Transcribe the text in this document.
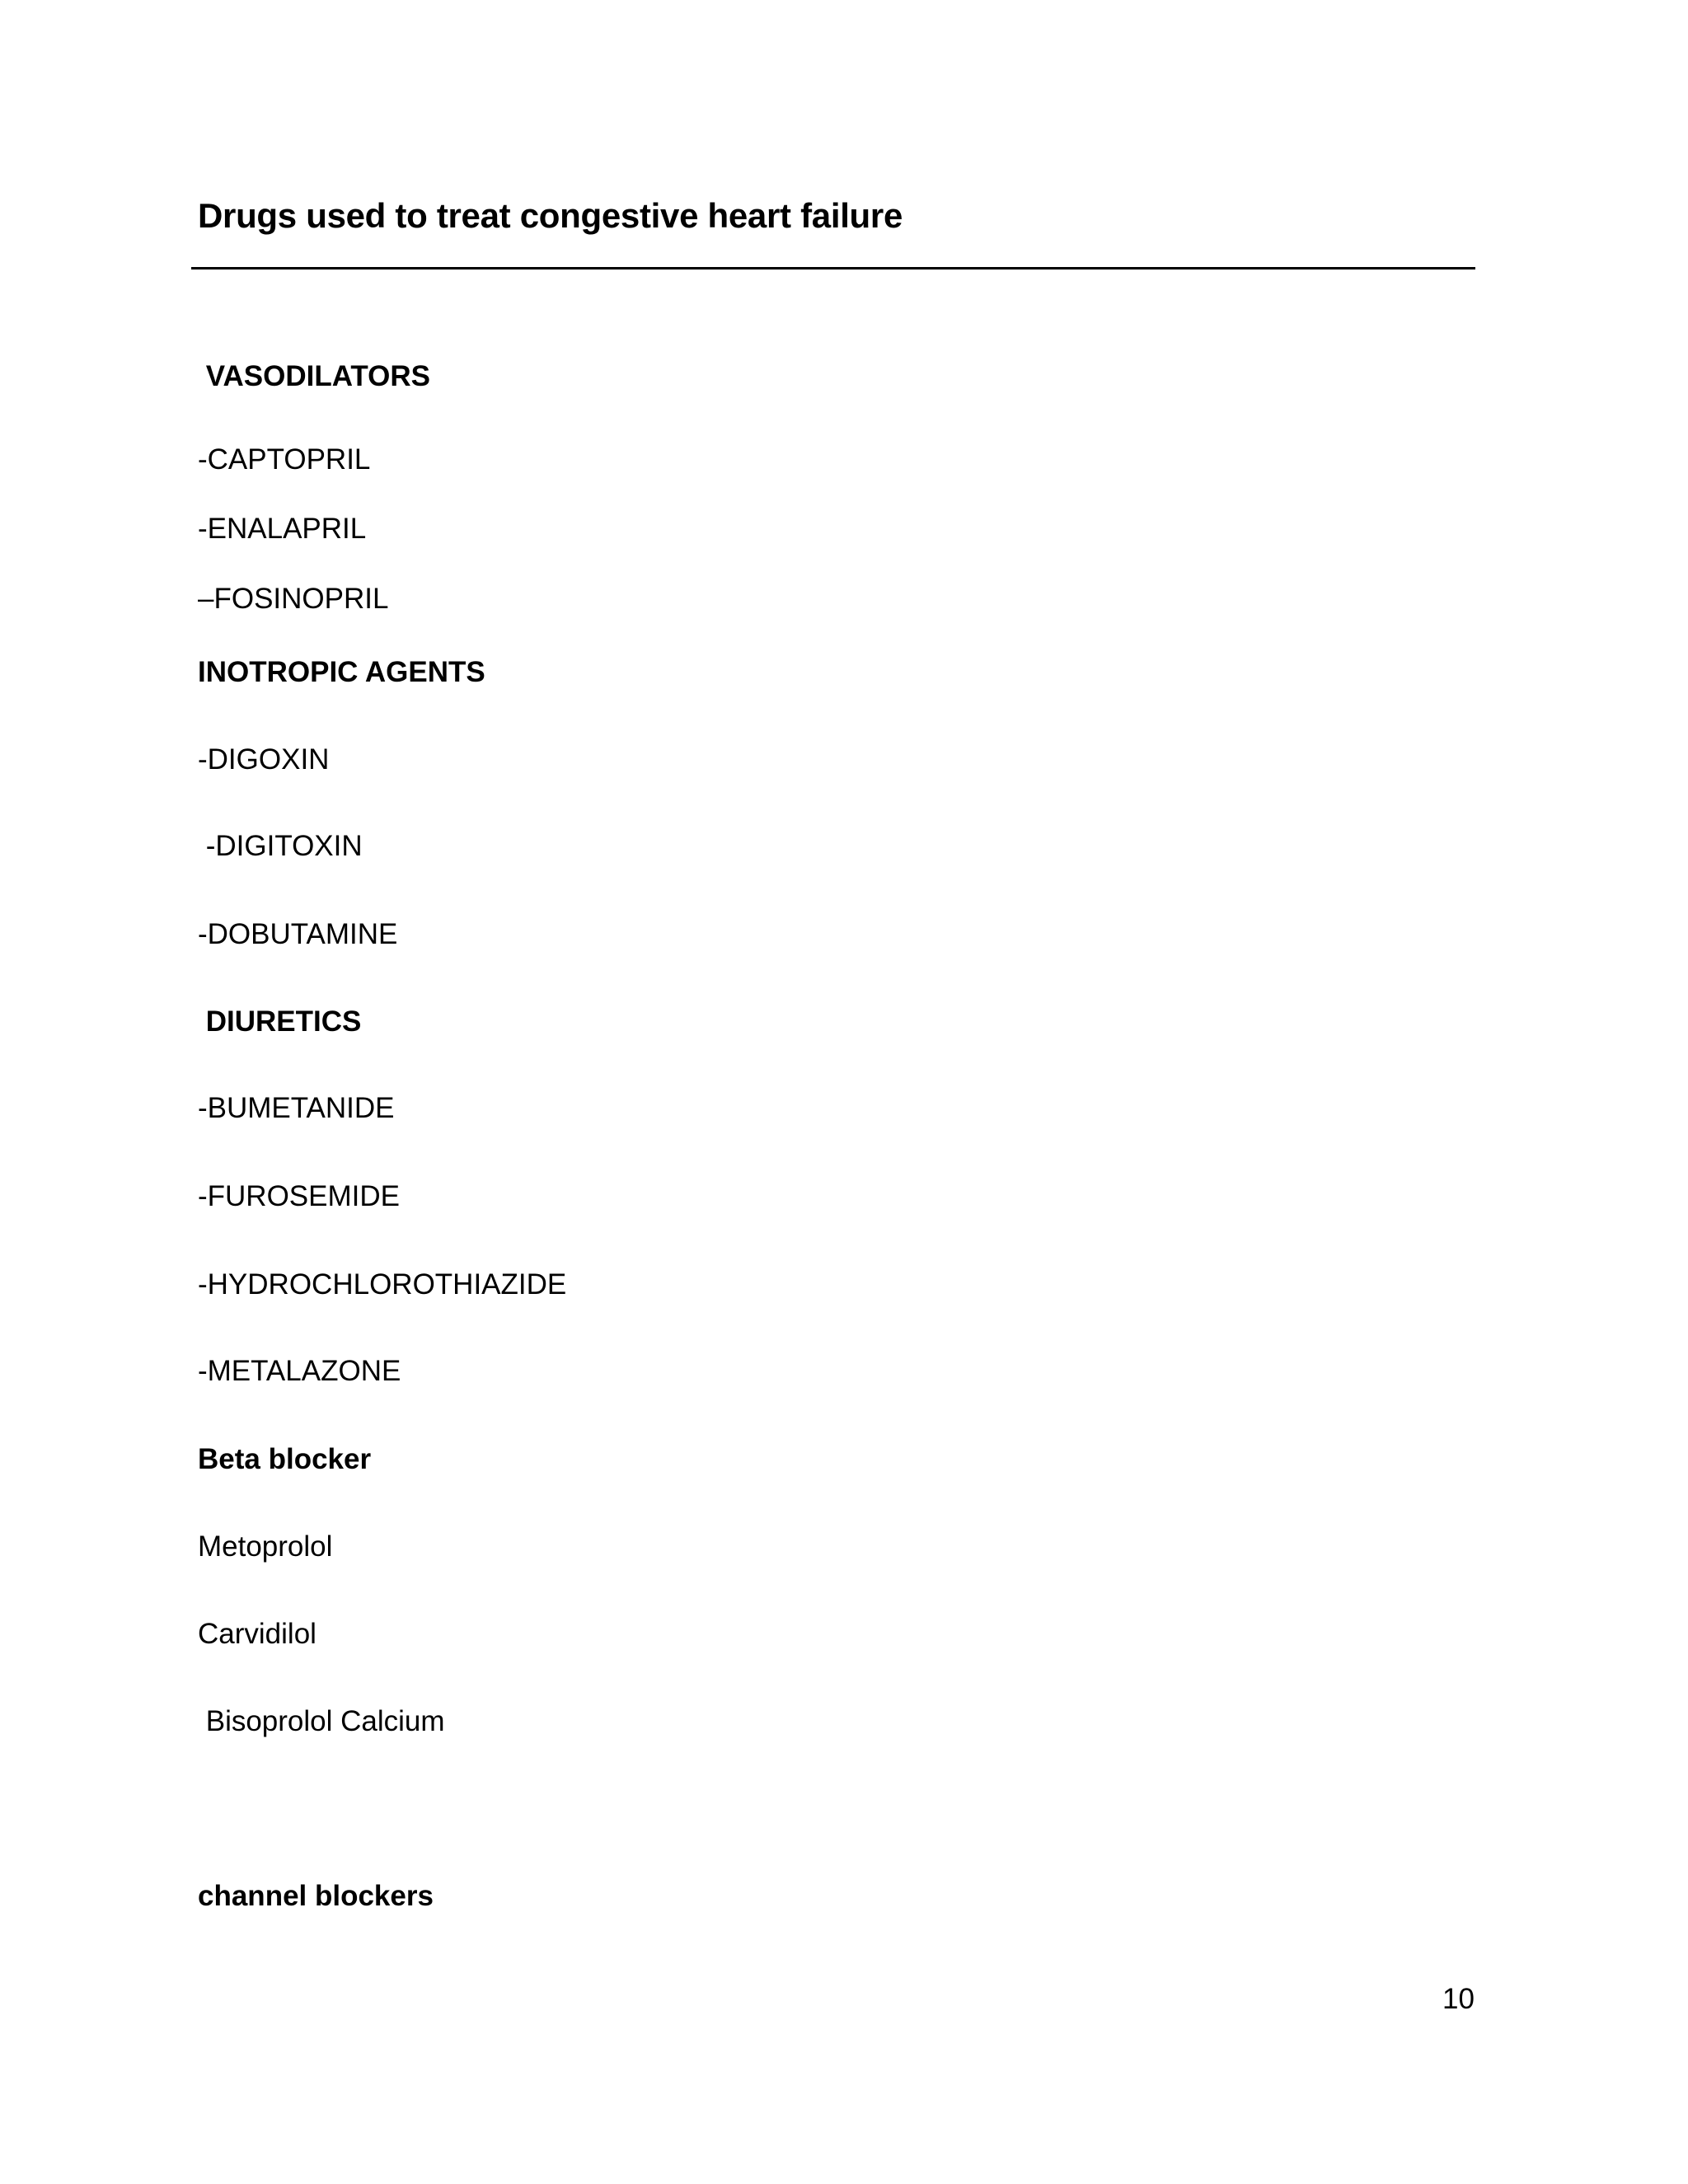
Drugs used to treat congestive heart failure
VASODILATORS
-CAPTOPRIL
-ENALAPRIL
–FOSINOPRIL
INOTROPIC AGENTS
-DIGOXIN
-DIGITOXIN
-DOBUTAMINE
DIURETICS
-BUMETANIDE
-FUROSEMIDE
-HYDROCHLOROTHIAZIDE
-METALAZONE
Beta blocker
Metoprolol
Carvidilol
Bisoprolol Calcium
channel blockers
10
